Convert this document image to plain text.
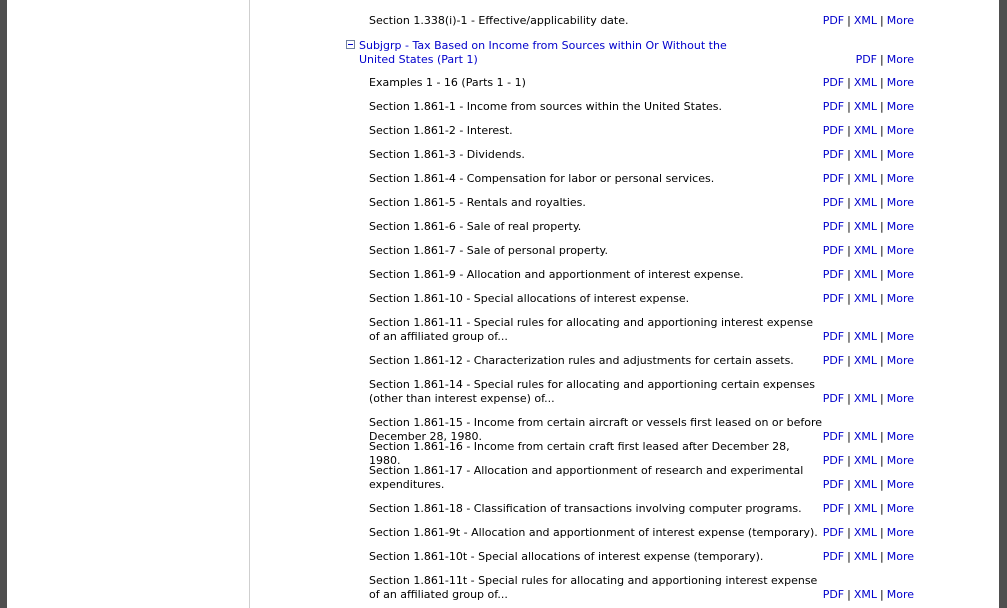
Section 1.338(i)-1 - Effective/applicability date.	PDF | XML | More
Subjgrp - Tax Based on Income from Sources within Or Without the United States (Part 1)	PDF | More
Examples 1 - 16 (Parts 1 - 1)	PDF | XML | More
Section 1.861-1 - Income from sources within the United States.	PDF | XML | More
Section 1.861-2 - Interest.	PDF | XML | More
Section 1.861-3 - Dividends.	PDF | XML | More
Section 1.861-4 - Compensation for labor or personal services.	PDF | XML | More
Section 1.861-5 - Rentals and royalties.	PDF | XML | More
Section 1.861-6 - Sale of real property.	PDF | XML | More
Section 1.861-7 - Sale of personal property.	PDF | XML | More
Section 1.861-9 - Allocation and apportionment of interest expense.	PDF | XML | More
Section 1.861-10 - Special allocations of interest expense.	PDF | XML | More
Section 1.861-11 - Special rules for allocating and apportioning interest expense of an affiliated group of...	PDF | XML | More
Section 1.861-12 - Characterization rules and adjustments for certain assets.	PDF | XML | More
Section 1.861-14 - Special rules for allocating and apportioning certain expenses (other than interest expense) of...	PDF | XML | More
Section 1.861-15 - Income from certain aircraft or vessels first leased on or before December 28, 1980.	PDF | XML | More
Section 1.861-16 - Income from certain craft first leased after December 28, 1980.	PDF | XML | More
Section 1.861-17 - Allocation and apportionment of research and experimental expenditures.	PDF | XML | More
Section 1.861-18 - Classification of transactions involving computer programs.	PDF | XML | More
Section 1.861-9t - Allocation and apportionment of interest expense (temporary). PDF | XML | More
Section 1.861-10t - Special allocations of interest expense (temporary).	PDF | XML | More
Section 1.861-11t - Special rules for allocating and apportioning interest expense of an affiliated group of...	PDF | XML | More
